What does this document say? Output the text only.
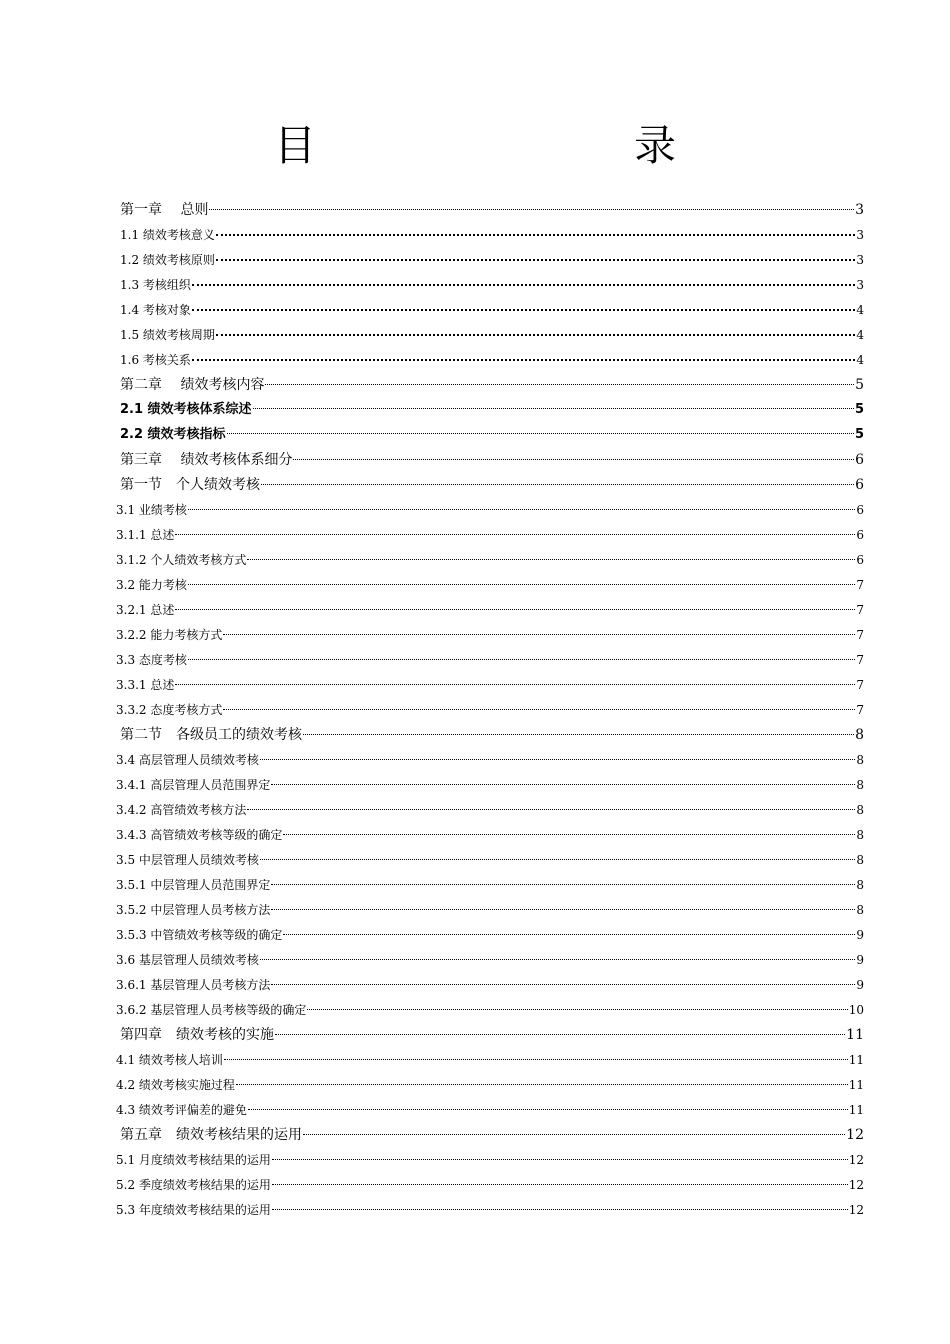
目　　录
第一章　 总则	3
1.1 绩效考核意义	3
1.2 绩效考核原则	3
1.3 考核组织	3
1.4 考核对象	4
1.5 绩效考核周期	4
1.6 考核关系	4
第二章　 绩效考核内容	5
2.1 绩效考核体系综述	5
2.2 绩效考核指标	5
第三章　 绩效考核体系细分	6
第一节　个人绩效考核	6
3.1 业绩考核	6
3.1.1 总述	6
3.1.2 个人绩效考核方式	6
3.2 能力考核	7
3.2.1 总述	7
3.2.2 能力考核方式	7
3.3 态度考核	7
3.3.1 总述	7
3.3.2 态度考核方式	7
第二节　各级员工的绩效考核	8
3.4 高层管理人员绩效考核	8
3.4.1 高层管理人员范围界定	8
3.4.2 高管绩效考核方法	8
3.4.3 高管绩效考核等级的确定	8
3.5 中层管理人员绩效考核	8
3.5.1 中层管理人员范围界定	8
3.5.2 中层管理人员考核方法	8
3.5.3 中管绩效考核等级的确定	9
3.6 基层管理人员绩效考核	9
3.6.1 基层管理人员考核方法	9
3.6.2 基层管理人员考核等级的确定	10
第四章　绩效考核的实施	11
4.1 绩效考核人培训	11
4.2 绩效考核实施过程	11
4.3 绩效考评偏差的避免	11
第五章　绩效考核结果的运用	12
5.1 月度绩效考核结果的运用	12
5.2 季度绩效考核结果的运用	12
5.3 年度绩效考核结果的运用	12
